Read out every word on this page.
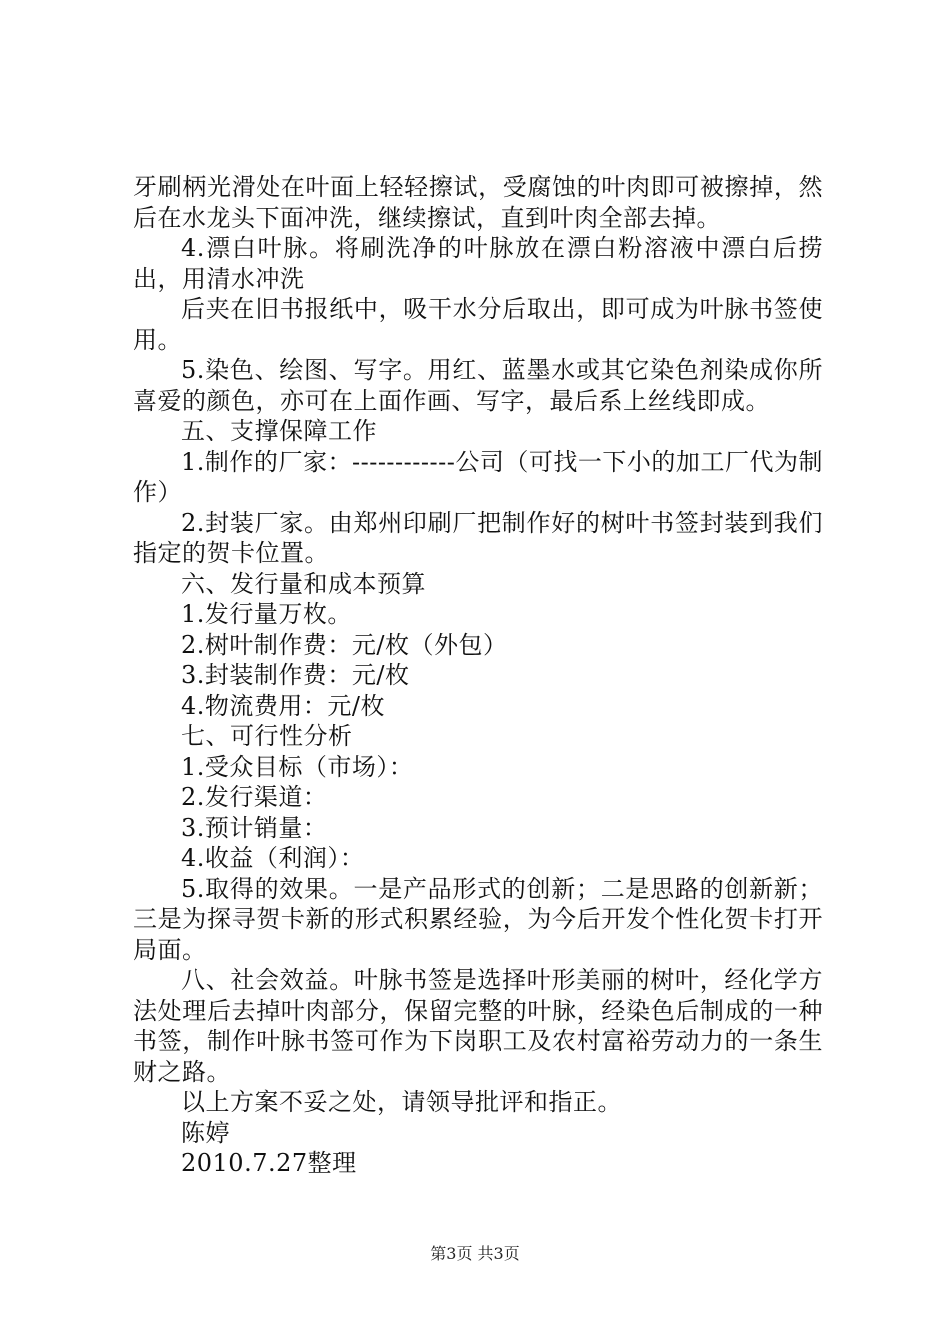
牙刷柄光滑处在叶面上轻轻擦试，受腐蚀的叶肉即可被擦掉，然后在水龙头下面冲洗，继续擦试，直到叶肉全部去掉。

4.漂白叶脉。将刷洗净的叶脉放在漂白粉溶液中漂白后捞出，用清水冲洗

后夹在旧书报纸中，吸干水分后取出，即可成为叶脉书签使用。

5.染色、绘图、写字。用红、蓝墨水或其它染色剂染成你所喜爱的颜色，亦可在上面作画、写字，最后系上丝线即成。

五、支撑保障工作

1.制作的厂家：------------公司（可找一下小的加工厂代为制作）

2.封装厂家。由郑州印刷厂把制作好的树叶书签封装到我们指定的贺卡位置。

六、发行量和成本预算

1.发行量万枚。

2.树叶制作费：元/枚（外包）

3.封装制作费：元/枚

4.物流费用：元/枚

七、可行性分析

1.受众目标（市场）：

2.发行渠道：

3.预计销量：

4.收益（利润）：

5.取得的效果。一是产品形式的创新；二是思路的创新新；三是为探寻贺卡新的形式积累经验，为今后开发个性化贺卡打开局面。

八、社会效益。叶脉书签是选择叶形美丽的树叶，经化学方法处理后去掉叶肉部分，保留完整的叶脉，经染色后制成的一种书签，制作叶脉书签可作为下岗职工及农村富裕劳动力的一条生财之路。

以上方案不妥之处，请领导批评和指正。

陈婷

2010.7.27整理

第3页 共3页
